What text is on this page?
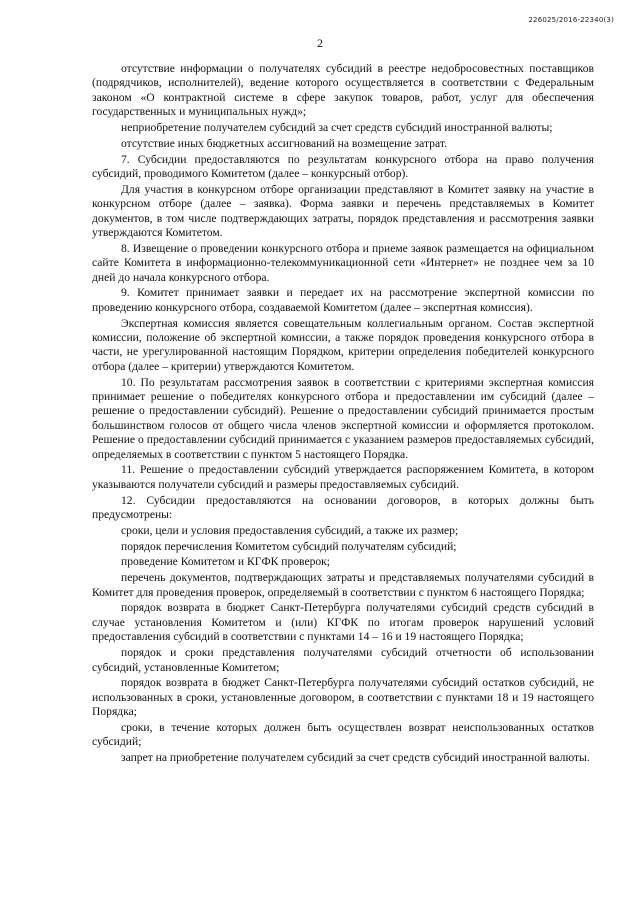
226025/2016-22340(3)
2

отсутствие информации о получателях субсидий в реестре недобросовестных поставщиков (подрядчиков, исполнителей), ведение которого осуществляется в соответствии с Федеральным законом «О контрактной системе в сфере закупок товаров, работ, услуг для обеспечения государственных и муниципальных нужд»;

неприобретение получателем субсидий за счет средств субсидий иностранной валюты;

отсутствие иных бюджетных ассигнований на возмещение затрат.

7. Субсидии предоставляются по результатам конкурсного отбора на право получения субсидий, проводимого Комитетом (далее – конкурсный отбор).

Для участия в конкурсном отборе организации представляют в Комитет заявку на участие в конкурсном отборе (далее – заявка). Форма заявки и перечень представляемых в Комитет документов, в том числе подтверждающих затраты, порядок представления и рассмотрения заявки утверждаются Комитетом.

8. Извещение о проведении конкурсного отбора и приеме заявок размещается на официальном сайте Комитета в информационно-телекоммуникационной сети «Интернет» не позднее чем за 10 дней до начала конкурсного отбора.

9. Комитет принимает заявки и передает их на рассмотрение экспертной комиссии по проведению конкурсного отбора, создаваемой Комитетом (далее – экспертная комиссия).

Экспертная комиссия является совещательным коллегиальным органом. Состав экспертной комиссии, положение об экспертной комиссии, а также порядок проведения конкурсного отбора в части, не урегулированной настоящим Порядком, критерии определения победителей конкурсного отбора (далее – критерии) утверждаются Комитетом.

10. По результатам рассмотрения заявок в соответствии с критериями экспертная комиссия принимает решение о победителях конкурсного отбора и предоставлении им субсидий (далее – решение о предоставлении субсидий). Решение о предоставлении субсидий принимается простым большинством голосов от общего числа членов экспертной комиссии и оформляется протоколом. Решение о предоставлении субсидий принимается с указанием размеров предоставляемых субсидий, определяемых в соответствии с пунктом 5 настоящего Порядка.

11. Решение о предоставлении субсидий утверждается распоряжением Комитета, в котором указываются получатели субсидий и размеры предоставляемых субсидий.

12. Субсидии предоставляются на основании договоров, в которых должны быть предусмотрены:

сроки, цели и условия предоставления субсидий, а также их размер;

порядок перечисления Комитетом субсидий получателям субсидий;

проведение Комитетом и КГФК проверок;

перечень документов, подтверждающих затраты и представляемых получателями субсидий в Комитет для проведения проверок, определяемый в соответствии с пунктом 6 настоящего Порядка;

порядок возврата в бюджет Санкт-Петербурга получателями субсидий средств субсидий в случае установления Комитетом и (или) КГФК по итогам проверок нарушений условий предоставления субсидий в соответствии с пунктами 14 – 16 и 19 настоящего Порядка;

порядок и сроки представления получателями субсидий отчетности об использовании субсидий, установленные Комитетом;

порядок возврата в бюджет Санкт-Петербурга получателями субсидий остатков субсидий, не использованных в сроки, установленные договором, в соответствии с пунктами 18 и 19 настоящего Порядка;

сроки, в течение которых должен быть осуществлен возврат неиспользованных остатков субсидий;

запрет на приобретение получателем субсидий за счет средств субсидий иностранной валюты.
